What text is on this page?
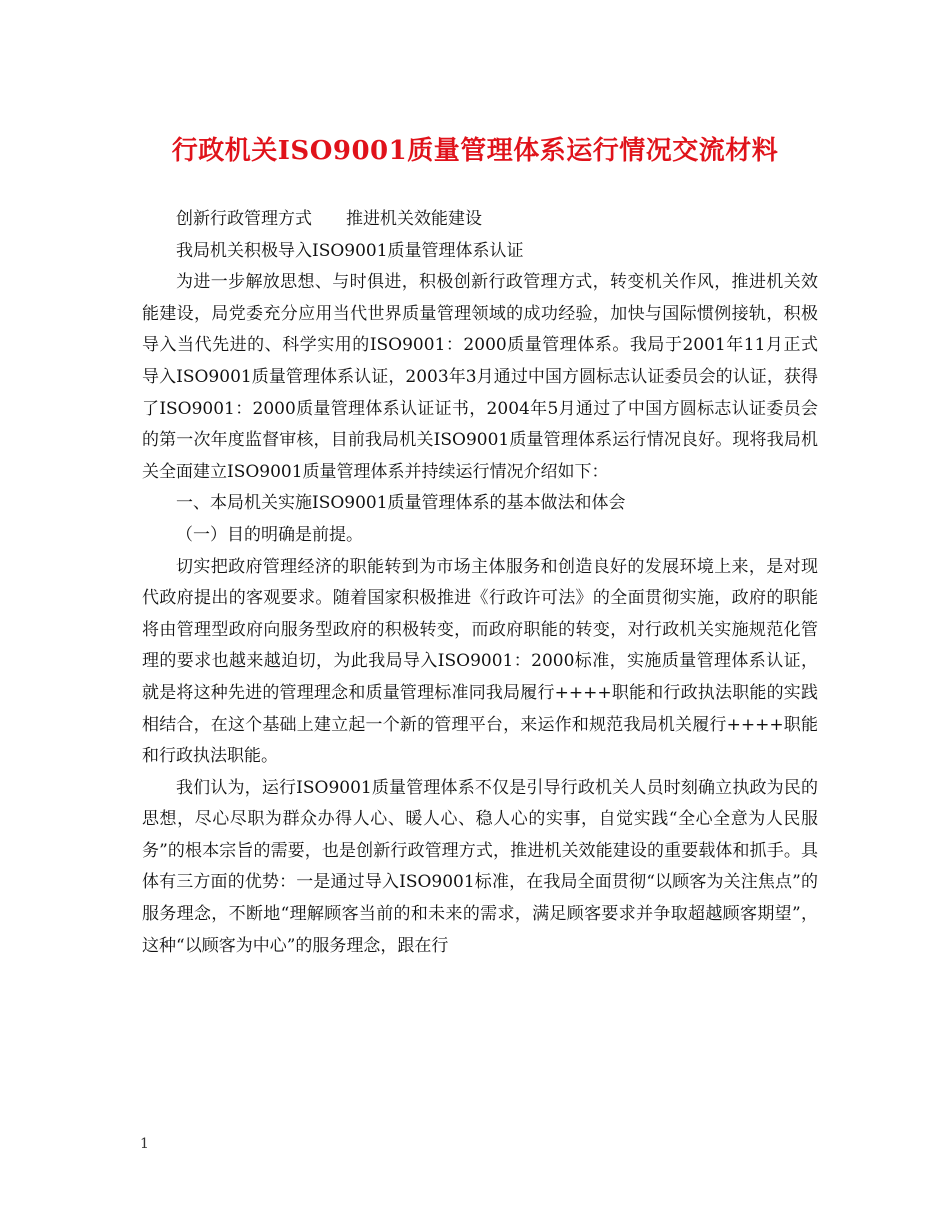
行政机关ISO9001质量管理体系运行情况交流材料

创新行政管理方式 推进机关效能建设

我局机关积极导入ISO9001质量管理体系认证

为进一步解放思想、与时俱进，积极创新行政管理方式，转变机关作风，推进机关效能建设，局党委充分应用当代世界质量管理领域的成功经验，加快与国际惯例接轨，积极导入当代先进的、科学实用的ISO9001：2000质量管理体系。我局于2001年11月正式导入ISO9001质量管理体系认证，2003年3月通过中国方圆标志认证委员会的认证，获得了ISO9001：2000质量管理体系认证证书，2004年5月通过了中国方圆标志认证委员会的第一次年度监督审核，目前我局机关ISO9001质量管理体系运行情况良好。现将我局机关全面建立ISO9001质量管理体系并持续运行情况介绍如下：

一、本局机关实施ISO9001质量管理体系的基本做法和体会

（一）目的明确是前提。

切实把政府管理经济的职能转到为市场主体服务和创造良好的发展环境上来，是对现代政府提出的客观要求。随着国家积极推进《行政许可法》的全面贯彻实施，政府的职能将由管理型政府向服务型政府的积极转变，而政府职能的转变，对行政机关实施规范化管理的要求也越来越迫切，为此我局导入ISO9001：2000标准，实施质量管理体系认证，就是将这种先进的管理理念和质量管理标准同我局履行++++职能和行政执法职能的实践相结合，在这个基础上建立起一个新的管理平台，来运作和规范我局机关履行++++职能和行政执法职能。

我们认为，运行ISO9001质量管理体系不仅是引导行政机关人员时刻确立执政为民的思想，尽心尽职为群众办得人心、暖人心、稳人心的实事，自觉实践“全心全意为人民服务”的根本宗旨的需要，也是创新行政管理方式，推进机关效能建设的重要载体和抓手。具体有三方面的优势：一是通过导入ISO9001标准，在我局全面贯彻“以顾客为关注焦点”的服务理念，不断地“理解顾客当前的和未来的需求，满足顾客要求并争取超越顾客期望”，这种“以顾客为中心”的服务理念，跟在行

1
